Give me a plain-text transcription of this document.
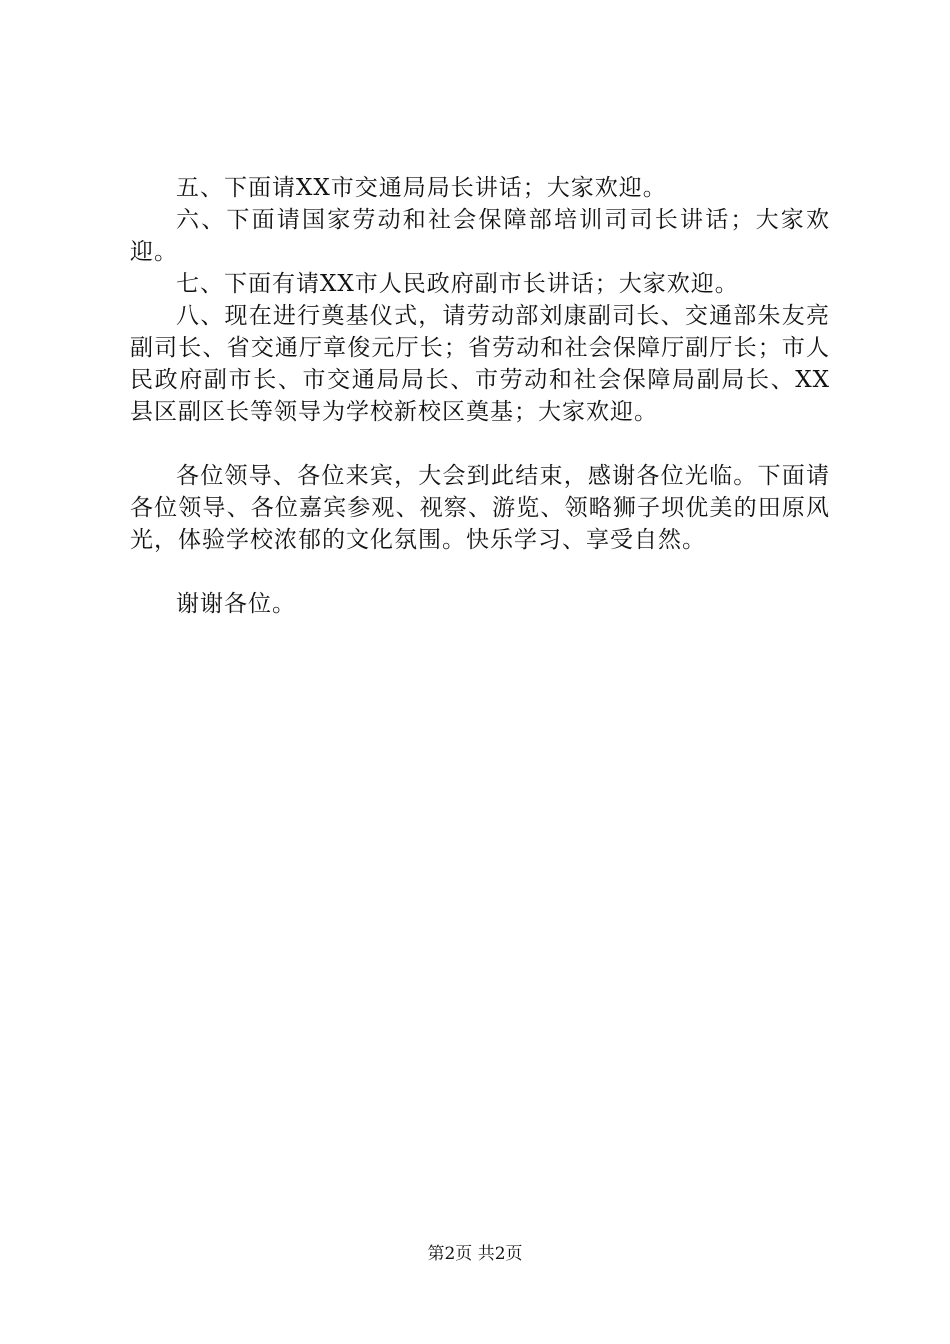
五、下面请XX市交通局局长讲话；大家欢迎。

六、下面请国家劳动和社会保障部培训司司长讲话；大家欢迎。

七、下面有请XX市人民政府副市长讲话；大家欢迎。

八、现在进行奠基仪式，请劳动部刘康副司长、交通部朱友亮副司长、省交通厅章俊元厅长；省劳动和社会保障厅副厅长；市人民政府副市长、市交通局局长、市劳动和社会保障局副局长、XX县区副区长等领导为学校新校区奠基；大家欢迎。

各位领导、各位来宾，大会到此结束，感谢各位光临。下面请各位领导、各位嘉宾参观、视察、游览、领略狮子坝优美的田原风光，体验学校浓郁的文化氛围。快乐学习、享受自然。

谢谢各位。

第2页 共2页
